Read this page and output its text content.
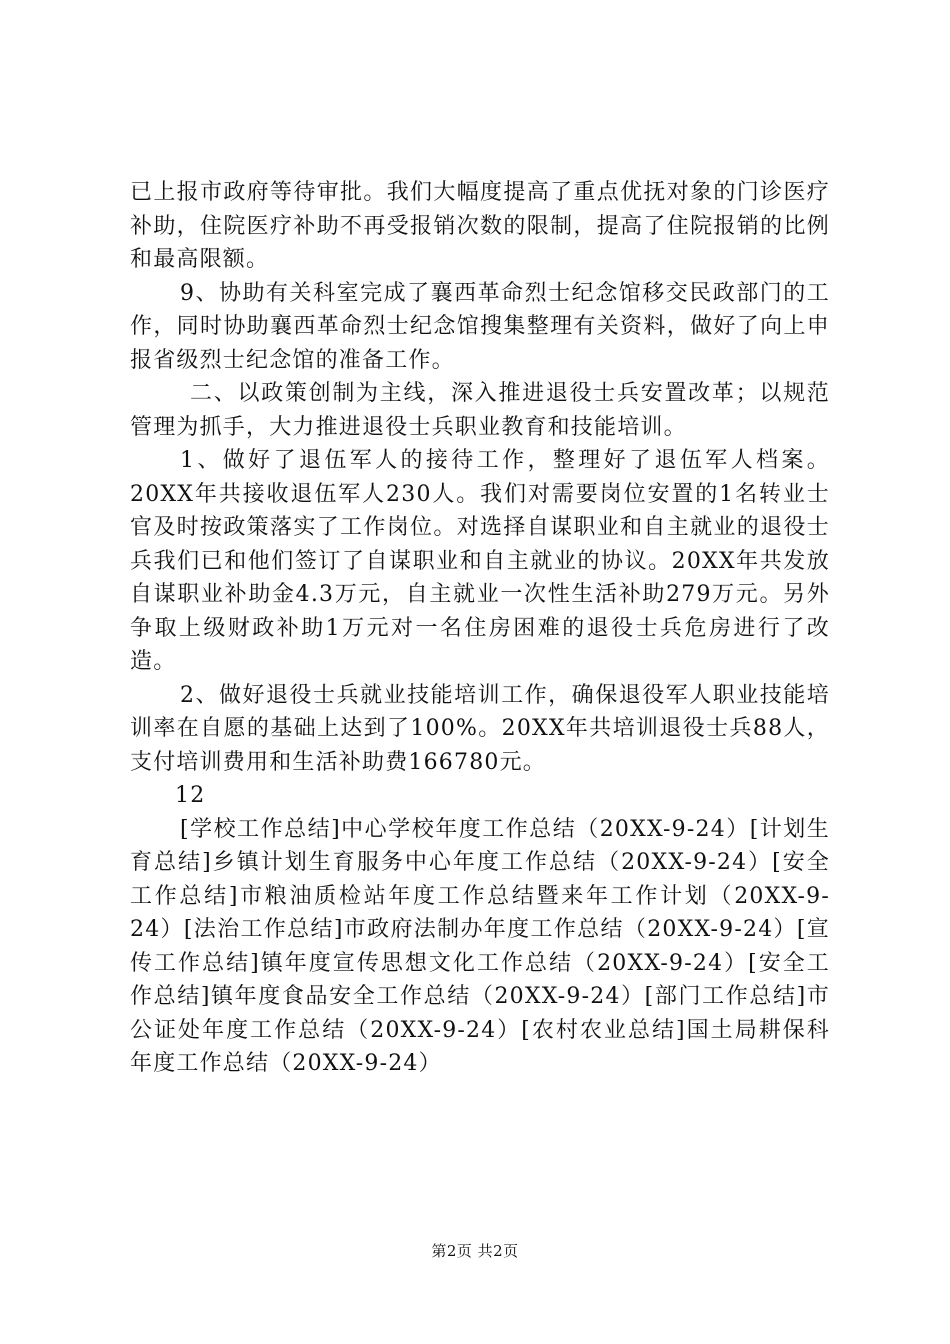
已上报市政府等待审批。我们大幅度提高了重点优抚对象的门诊医疗补助，住院医疗补助不再受报销次数的限制，提高了住院报销的比例和最高限额。

9、协助有关科室完成了襄西革命烈士纪念馆移交民政部门的工作，同时协助襄西革命烈士纪念馆搜集整理有关资料，做好了向上申报省级烈士纪念馆的准备工作。

二、以政策创制为主线，深入推进退役士兵安置改革；以规范管理为抓手，大力推进退役士兵职业教育和技能培训。

1、做好了退伍军人的接待工作，整理好了退伍军人档案。20XX年共接收退伍军人230人。我们对需要岗位安置的1名转业士官及时按政策落实了工作岗位。对选择自谋职业和自主就业的退役士兵我们已和他们签订了自谋职业和自主就业的协议。20XX年共发放自谋职业补助金4.3万元，自主就业一次性生活补助279万元。另外争取上级财政补助1万元对一名住房困难的退役士兵危房进行了改造。

2、做好退役士兵就业技能培训工作，确保退役军人职业技能培训率在自愿的基础上达到了100%。20XX年共培训退役士兵88人，支付培训费用和生活补助费166780元。

12

[学校工作总结]中心学校年度工作总结（20XX-9-24）[计划生育总结]乡镇计划生育服务中心年度工作总结（20XX-9-24）[安全工作总结]市粮油质检站年度工作总结暨来年工作计划（20XX-9-24）[法治工作总结]市政府法制办年度工作总结（20XX-9-24）[宣传工作总结]镇年度宣传思想文化工作总结（20XX-9-24）[安全工作总结]镇年度食品安全工作总结（20XX-9-24）[部门工作总结]市公证处年度工作总结（20XX-9-24）[农村农业总结]国土局耕保科年度工作总结（20XX-9-24）

第2页 共2页
